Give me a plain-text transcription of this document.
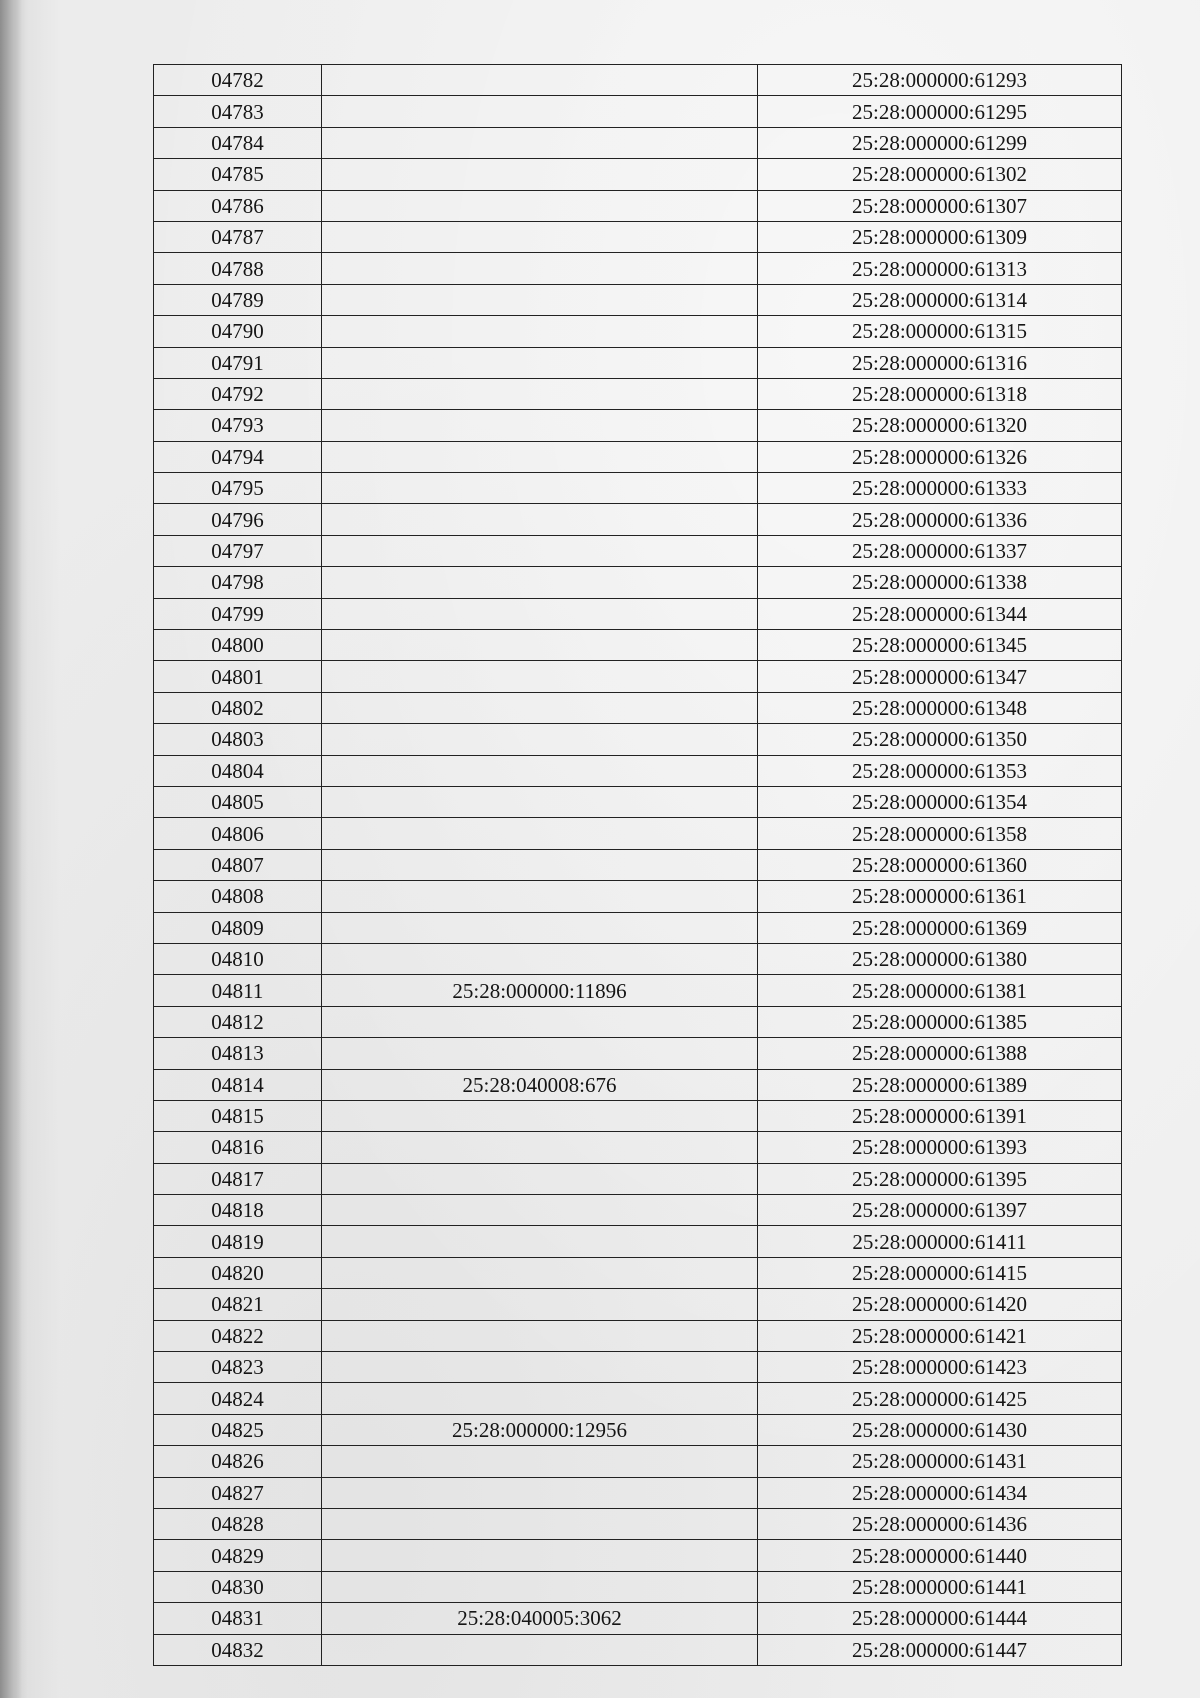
04782		25:28:000000:61293
04783		25:28:000000:61295
04784		25:28:000000:61299
04785		25:28:000000:61302
04786		25:28:000000:61307
04787		25:28:000000:61309
04788		25:28:000000:61313
04789		25:28:000000:61314
04790		25:28:000000:61315
04791		25:28:000000:61316
04792		25:28:000000:61318
04793		25:28:000000:61320
04794		25:28:000000:61326
04795		25:28:000000:61333
04796		25:28:000000:61336
04797		25:28:000000:61337
04798		25:28:000000:61338
04799		25:28:000000:61344
04800		25:28:000000:61345
04801		25:28:000000:61347
04802		25:28:000000:61348
04803		25:28:000000:61350
04804		25:28:000000:61353
04805		25:28:000000:61354
04806		25:28:000000:61358
04807		25:28:000000:61360
04808		25:28:000000:61361
04809		25:28:000000:61369
04810		25:28:000000:61380
04811	25:28:000000:11896	25:28:000000:61381
04812		25:28:000000:61385
04813		25:28:000000:61388
04814	25:28:040008:676	25:28:000000:61389
04815		25:28:000000:61391
04816		25:28:000000:61393
04817		25:28:000000:61395
04818		25:28:000000:61397
04819		25:28:000000:61411
04820		25:28:000000:61415
04821		25:28:000000:61420
04822		25:28:000000:61421
04823		25:28:000000:61423
04824		25:28:000000:61425
04825	25:28:000000:12956	25:28:000000:61430
04826		25:28:000000:61431
04827		25:28:000000:61434
04828		25:28:000000:61436
04829		25:28:000000:61440
04830		25:28:000000:61441
04831	25:28:040005:3062	25:28:000000:61444
04832		25:28:000000:61447
